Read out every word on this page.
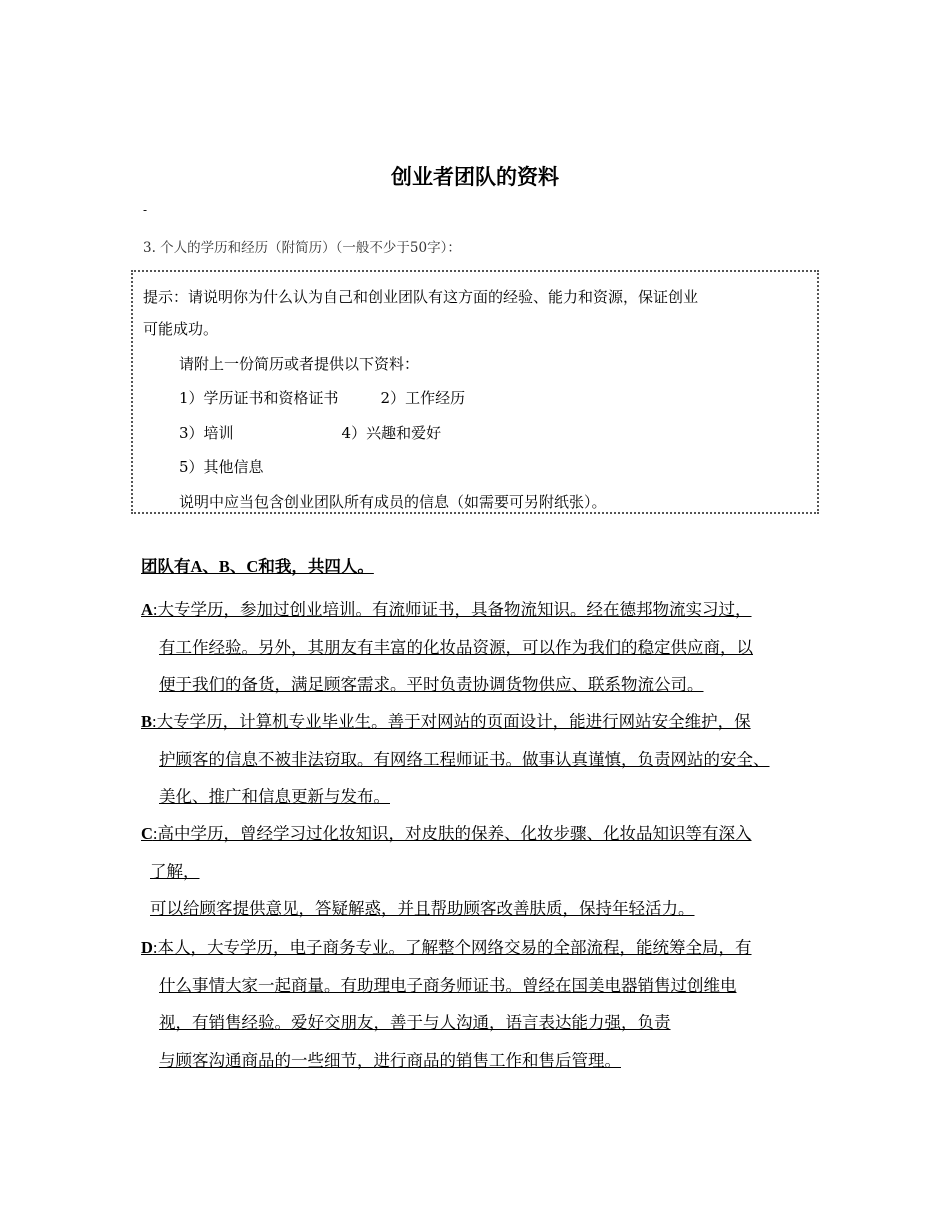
创业者团队的资料
-
3. 个人的学历和经历（附简历）（一般不少于50字）：

提示：请说明你为什么认为自己和创业团队有这方面的经验、能力和资源，保证创业

可能成功。

请附上一份简历或者提供以下资料：

1）学历证书和资格证书	2）工作经历

3）培训	4）兴趣和爱好

5）其他信息

说明中应当包含创业团队所有成员的信息（如需要可另附纸张）。

团队有A、B、C和我，共四人。
A:大专学历，参加过创业培训。有流师证书，具备物流知识。经在德邦物流实习过，
有工作经验。另外，其朋友有丰富的化妆品资源，可以作为我们的稳定供应商，以
便于我们的备货，满足顾客需求。平时负责协调货物供应、联系物流公司。
B:大专学历，计算机专业毕业生。善于对网站的页面设计，能进行网站安全维护，保
护顾客的信息不被非法窃取。有网络工程师证书。做事认真谨慎，负责网站的安全、
美化、推广和信息更新与发布。
C:高中学历，曾经学习过化妆知识，对皮肤的保养、化妆步骤、化妆品知识等有深入
了解，
可以给顾客提供意见，答疑解惑，并且帮助顾客改善肤质，保持年轻活力。
D:本人，大专学历，电子商务专业。了解整个网络交易的全部流程，能统筹全局，有
什么事情大家一起商量。有助理电子商务师证书。曾经在国美电器销售过创维电
视，有销售经验。爱好交朋友，善于与人沟通，语言表达能力强，负责
与顾客沟通商品的一些细节，进行商品的销售工作和售后管理。
